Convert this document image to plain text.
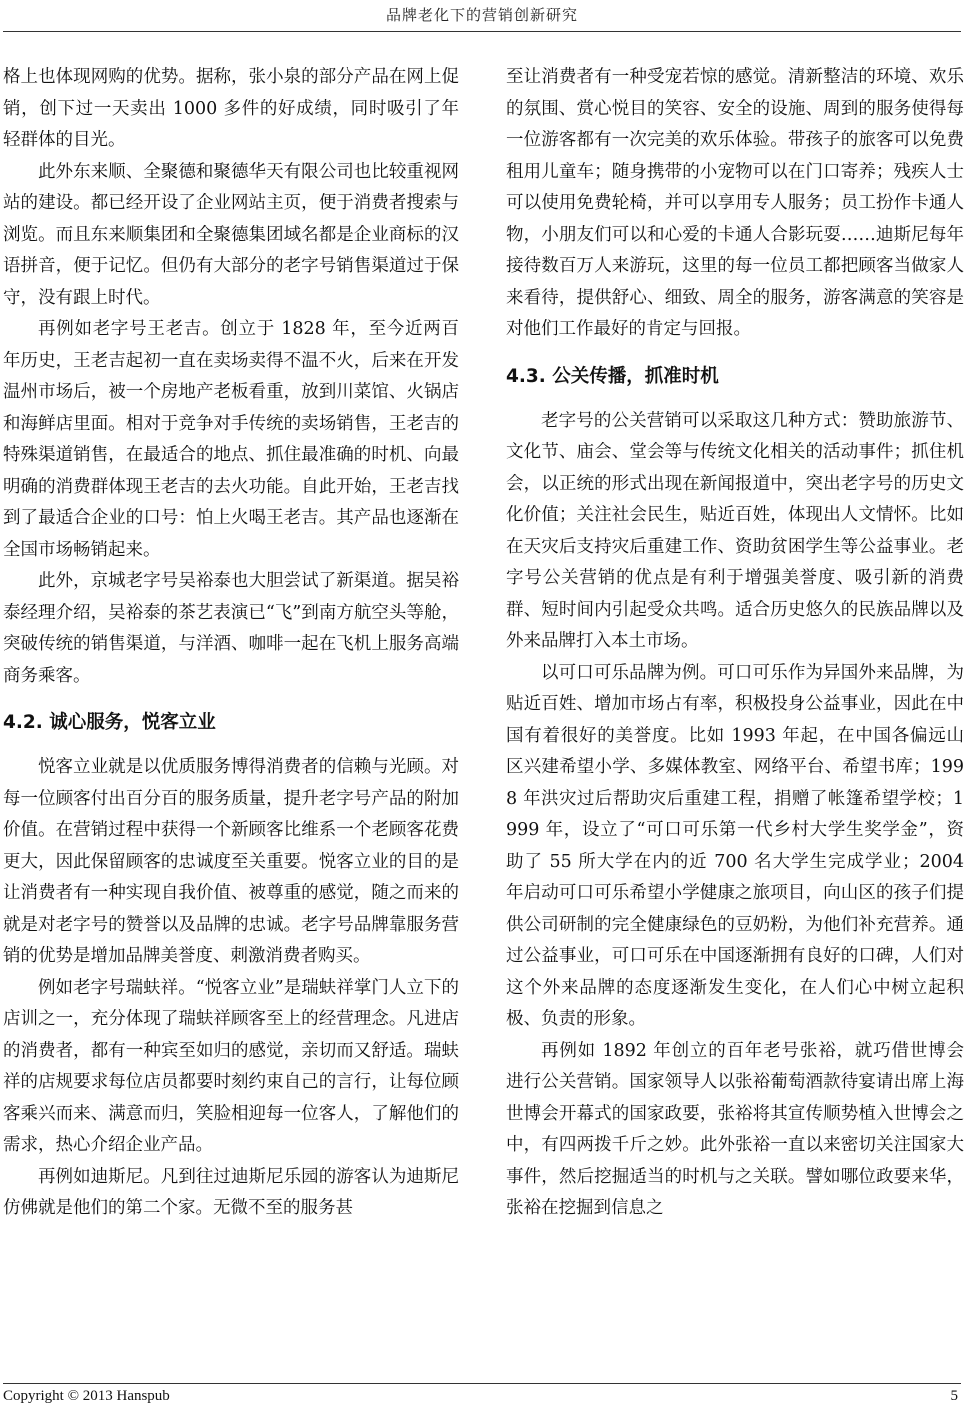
品牌老化下的营销创新研究

格上也体现网购的优势。据称，张小泉的部分产品在网上促销，创下过一天卖出 1000 多件的好成绩，同时吸引了年轻群体的目光。

此外东来顺、全聚德和聚德华天有限公司也比较重视网站的建设。都已经开设了企业网站主页，便于消费者搜索与浏览。而且东来顺集团和全聚德集团域名都是企业商标的汉语拼音，便于记忆。但仍有大部分的老字号销售渠道过于保守，没有跟上时代。

再例如老字号王老吉。创立于 1828 年，至今近两百年历史，王老吉起初一直在卖场卖得不温不火，后来在开发温州市场后，被一个房地产老板看重，放到川菜馆、火锅店和海鲜店里面。相对于竞争对手传统的卖场销售，王老吉的特殊渠道销售，在最适合的地点、抓住最准确的时机、向最明确的消费群体现王老吉的去火功能。自此开始，王老吉找到了最适合企业的口号：怕上火喝王老吉。其产品也逐渐在全国市场畅销起来。

此外，京城老字号吴裕泰也大胆尝试了新渠道。据吴裕泰经理介绍，吴裕泰的茶艺表演已“飞”到南方航空头等舱，突破传统的销售渠道，与洋酒、咖啡一起在飞机上服务高端商务乘客。

4.2. 诚心服务，悦客立业

悦客立业就是以优质服务博得消费者的信赖与光顾。对每一位顾客付出百分百的服务质量，提升老字号产品的附加价值。在营销过程中获得一个新顾客比维系一个老顾客花费更大，因此保留顾客的忠诚度至关重要。悦客立业的目的是让消费者有一种实现自我价值、被尊重的感觉，随之而来的就是对老字号的赞誉以及品牌的忠诚。老字号品牌靠服务营销的优势是增加品牌美誉度、刺激消费者购买。

例如老字号瑞蚨祥。“悦客立业”是瑞蚨祥掌门人立下的店训之一，充分体现了瑞蚨祥顾客至上的经营理念。凡进店的消费者，都有一种宾至如归的感觉，亲切而又舒适。瑞蚨祥的店规要求每位店员都要时刻约束自己的言行，让每位顾客乘兴而来、满意而归，笑脸相迎每一位客人，了解他们的需求，热心介绍企业产品。

再例如迪斯尼。凡到往过迪斯尼乐园的游客认为迪斯尼仿佛就是他们的第二个家。无微不至的服务甚

至让消费者有一种受宠若惊的感觉。清新整洁的环境、欢乐的氛围、赏心悦目的笑容、安全的设施、周到的服务使得每一位游客都有一次完美的欢乐体验。带孩子的旅客可以免费租用儿童车；随身携带的小宠物可以在门口寄养；残疾人士可以使用免费轮椅，并可以享用专人服务；员工扮作卡通人物，小朋友们可以和心爱的卡通人合影玩耍……迪斯尼每年接待数百万人来游玩，这里的每一位员工都把顾客当做家人来看待，提供舒心、细致、周全的服务，游客满意的笑容是对他们工作最好的肯定与回报。

4.3. 公关传播，抓准时机

老字号的公关营销可以采取这几种方式：赞助旅游节、文化节、庙会、堂会等与传统文化相关的活动事件；抓住机会，以正统的形式出现在新闻报道中，突出老字号的历史文化价值；关注社会民生，贴近百姓，体现出人文情怀。比如在天灾后支持灾后重建工作、资助贫困学生等公益事业。老字号公关营销的优点是有利于增强美誉度、吸引新的消费群、短时间内引起受众共鸣。适合历史悠久的民族品牌以及外来品牌打入本土市场。

以可口可乐品牌为例。可口可乐作为异国外来品牌，为贴近百姓、增加市场占有率，积极投身公益事业，因此在中国有着很好的美誉度。比如 1993 年起，在中国各偏远山区兴建希望小学、多媒体教室、网络平台、希望书库；1998 年洪灾过后帮助灾后重建工程，捐赠了帐篷希望学校；1999 年，设立了“可口可乐第一代乡村大学生奖学金”，资助了 55 所大学在内的近 700 名大学生完成学业；2004 年启动可口可乐希望小学健康之旅项目，向山区的孩子们提供公司研制的完全健康绿色的豆奶粉，为他们补充营养。通过公益事业，可口可乐在中国逐渐拥有良好的口碑，人们对这个外来品牌的态度逐渐发生变化，在人们心中树立起积极、负责的形象。

再例如 1892 年创立的百年老号张裕，就巧借世博会进行公关营销。国家领导人以张裕葡萄酒款待宴请出席上海世博会开幕式的国家政要，张裕将其宣传顺势植入世博会之中，有四两拨千斤之妙。此外张裕一直以来密切关注国家大事件，然后挖掘适当的时机与之关联。譬如哪位政要来华，张裕在挖掘到信息之

Copyright © 2013 Hanspub	5
